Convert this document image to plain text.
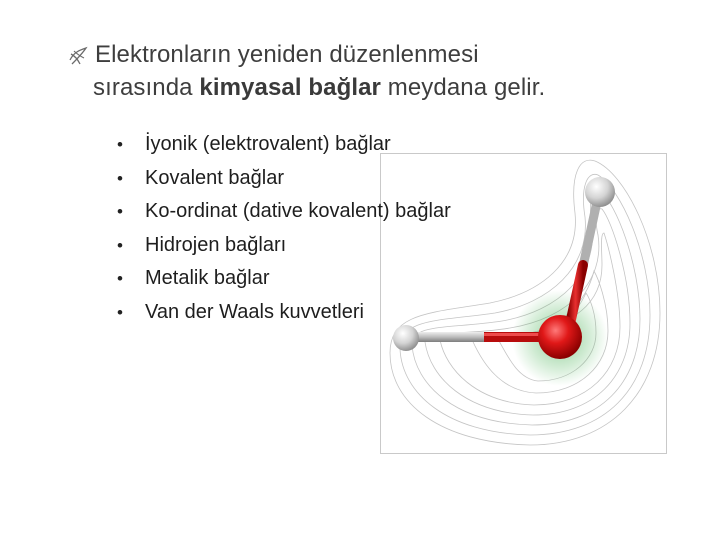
Elektronların yeniden düzenlenmesi
sırasında kimyasal bağlar meydana gelir.
• İyonik (elektrovalent) bağlar
• Kovalent bağlar
• Ko-ordinat (dative kovalent) bağlar
• Hidrojen bağları
• Metalik bağlar
• Van der Waals kuvvetleri
